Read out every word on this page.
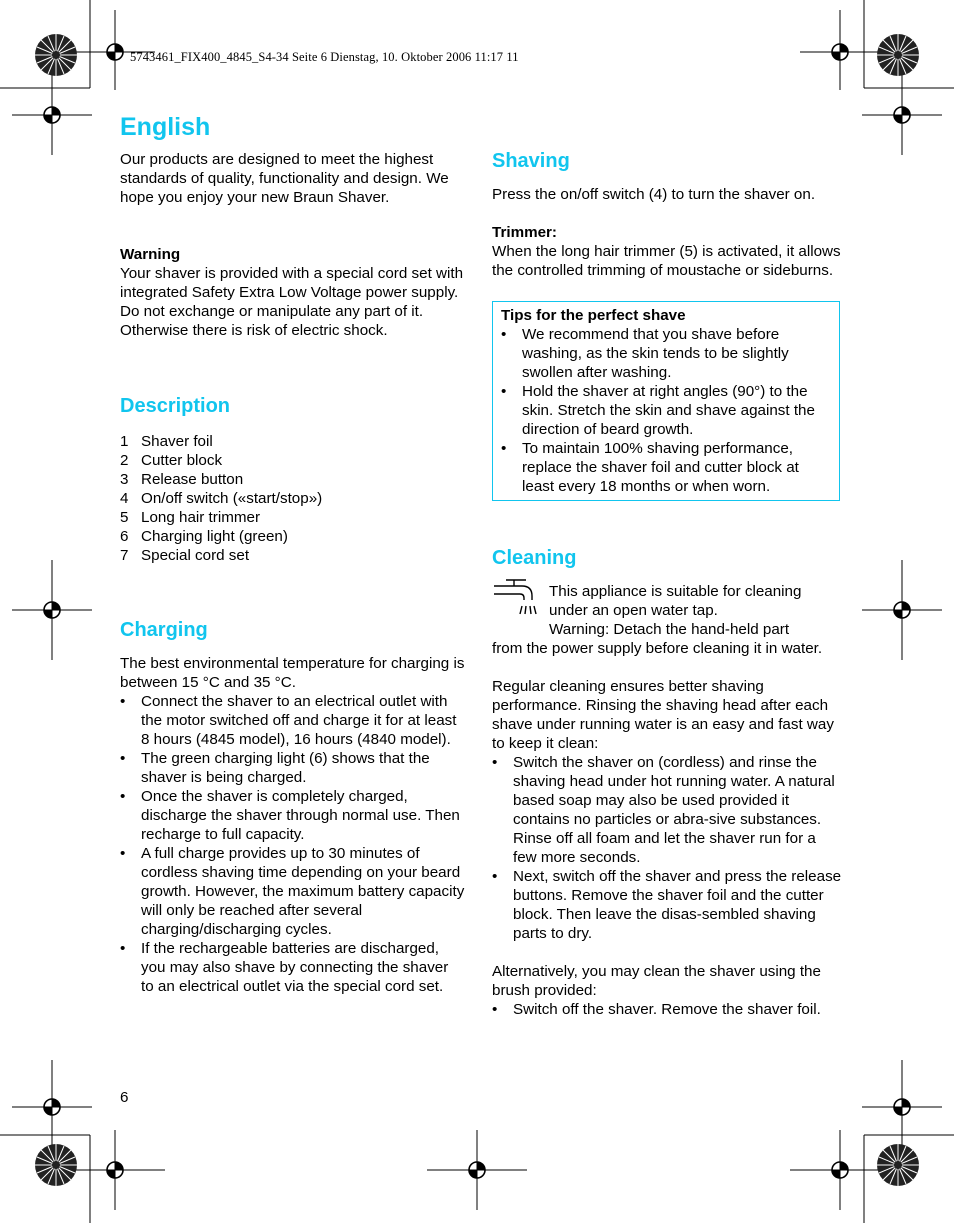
5743461_FIX400_4845_S4-34 Seite 6 Dienstag, 10. Oktober 2006 11:17 11
English

Our products are designed to meet the highest standards of quality, functionality and design. We hope you enjoy your new Braun Shaver.

Warning

Your shaver is provided with a special cord set with integrated Safety Extra Low Voltage power supply. Do not exchange or manipulate any part of it. Otherwise there is risk of electric shock.

Description
1 Shaver foil
2 Cutter block
3 Release button
4 On/off switch («start/stop»)
5 Long hair trimmer
6 Charging light (green)
7 Special cord set
Charging

The best environmental temperature for charging is between 15 °C and 35 °C.

• Connect the shaver to an electrical outlet with the motor switched off and charge it for at least 8 hours (4845 model), 16 hours (4840 model).
• The green charging light (6) shows that the shaver is being charged.
• Once the shaver is completely charged, discharge the shaver through normal use. Then recharge to full capacity.
• A full charge provides up to 30 minutes of cordless shaving time depending on your beard growth. However, the maximum battery capacity will only be reached after several charging/discharging cycles.
• If the rechargeable batteries are discharged, you may also shave by connecting the shaver to an electrical outlet via the special cord set.
Shaving

Press the on/off switch (4) to turn the shaver on.

Trimmer:

When the long hair trimmer (5) is activated, it allows the controlled trimming of moustache or sideburns.

Tips for the perfect shave

• We recommend that you shave before washing, as the skin tends to be slightly swollen after washing.
• Hold the shaver at right angles (90°) to the skin. Stretch the skin and shave against the direction of beard growth.
• To maintain 100% shaving performance, replace the shaver foil and cutter block at least every 18 months or when worn.
Cleaning

This appliance is suitable for cleaning

under an open water tap.

Warning: Detach the hand-held part

from the power supply before cleaning it in water.

Regular cleaning ensures better shaving performance. Rinsing the shaving head after each shave under running water is an easy and fast way to keep it clean:

• Switch the shaver on (cordless) and rinse the shaving head under hot running water. A natural based soap may also be used provided it contains no particles or abra-sive substances. Rinse off all foam and let the shaver run for a few more seconds.
• Next, switch off the shaver and press the release buttons. Remove the shaver foil and the cutter block. Then leave the disas-sembled shaving parts to dry.

Alternatively, you may clean the shaver using the brush provided:

• Switch off the shaver. Remove the shaver foil.
6
